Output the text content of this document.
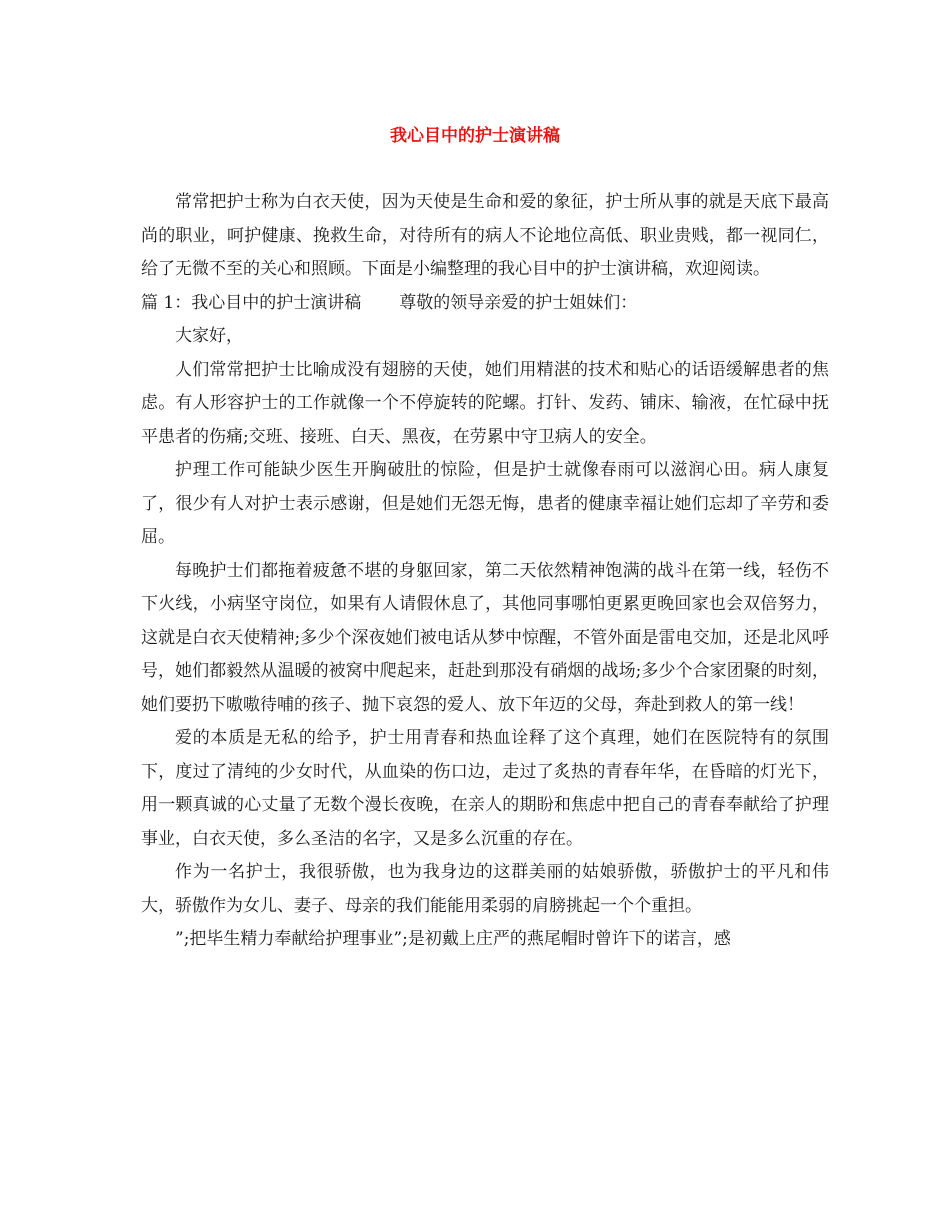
我心目中的护士演讲稿

常常把护士称为白衣天使，因为天使是生命和爱的象征，护士所从事的就是天底下最高尚的职业，呵护健康、挽救生命，对待所有的病人不论地位高低、职业贵贱，都一视同仁，给了无微不至的关心和照顾。下面是小编整理的我心目中的护士演讲稿，欢迎阅读。

篇 1：我心目中的护士演讲稿 尊敬的领导亲爱的护士姐妹们：

大家好，

人们常常把护士比喻成没有翅膀的天使，她们用精湛的技术和贴心的话语缓解患者的焦虑。有人形容护士的工作就像一个不停旋转的陀螺。打针、发药、铺床、输液，在忙碌中抚平患者的伤痛;交班、接班、白天、黑夜，在劳累中守卫病人的安全。

护理工作可能缺少医生开胸破肚的惊险，但是护士就像春雨可以滋润心田。病人康复了，很少有人对护士表示感谢，但是她们无怨无悔，患者的健康幸福让她们忘却了辛劳和委屈。

每晚护士们都拖着疲惫不堪的身躯回家，第二天依然精神饱满的战斗在第一线，轻伤不下火线，小病坚守岗位，如果有人请假休息了，其他同事哪怕更累更晚回家也会双倍努力，这就是白衣天使精神;多少个深夜她们被电话从梦中惊醒，不管外面是雷电交加，还是北风呼号，她们都毅然从温暖的被窝中爬起来，赶赴到那没有硝烟的战场;多少个合家团聚的时刻，她们要扔下嗷嗷待哺的孩子、抛下哀怨的爱人、放下年迈的父母，奔赴到救人的第一线！

爱的本质是无私的给予，护士用青春和热血诠释了这个真理，她们在医院特有的氛围下，度过了清纯的少女时代，从血染的伤口边，走过了炙热的青春年华，在昏暗的灯光下，用一颗真诚的心丈量了无数个漫长夜晚，在亲人的期盼和焦虑中把自己的青春奉献给了护理事业，白衣天使，多么圣洁的名字，又是多么沉重的存在。

作为一名护士，我很骄傲，也为我身边的这群美丽的姑娘骄傲，骄傲护士的平凡和伟大，骄傲作为女儿、妻子、母亲的我们能能用柔弱的肩膀挑起一个个重担。

”;把毕生精力奉献给护理事业”;是初戴上庄严的燕尾帽时曾许下的诺言，感
